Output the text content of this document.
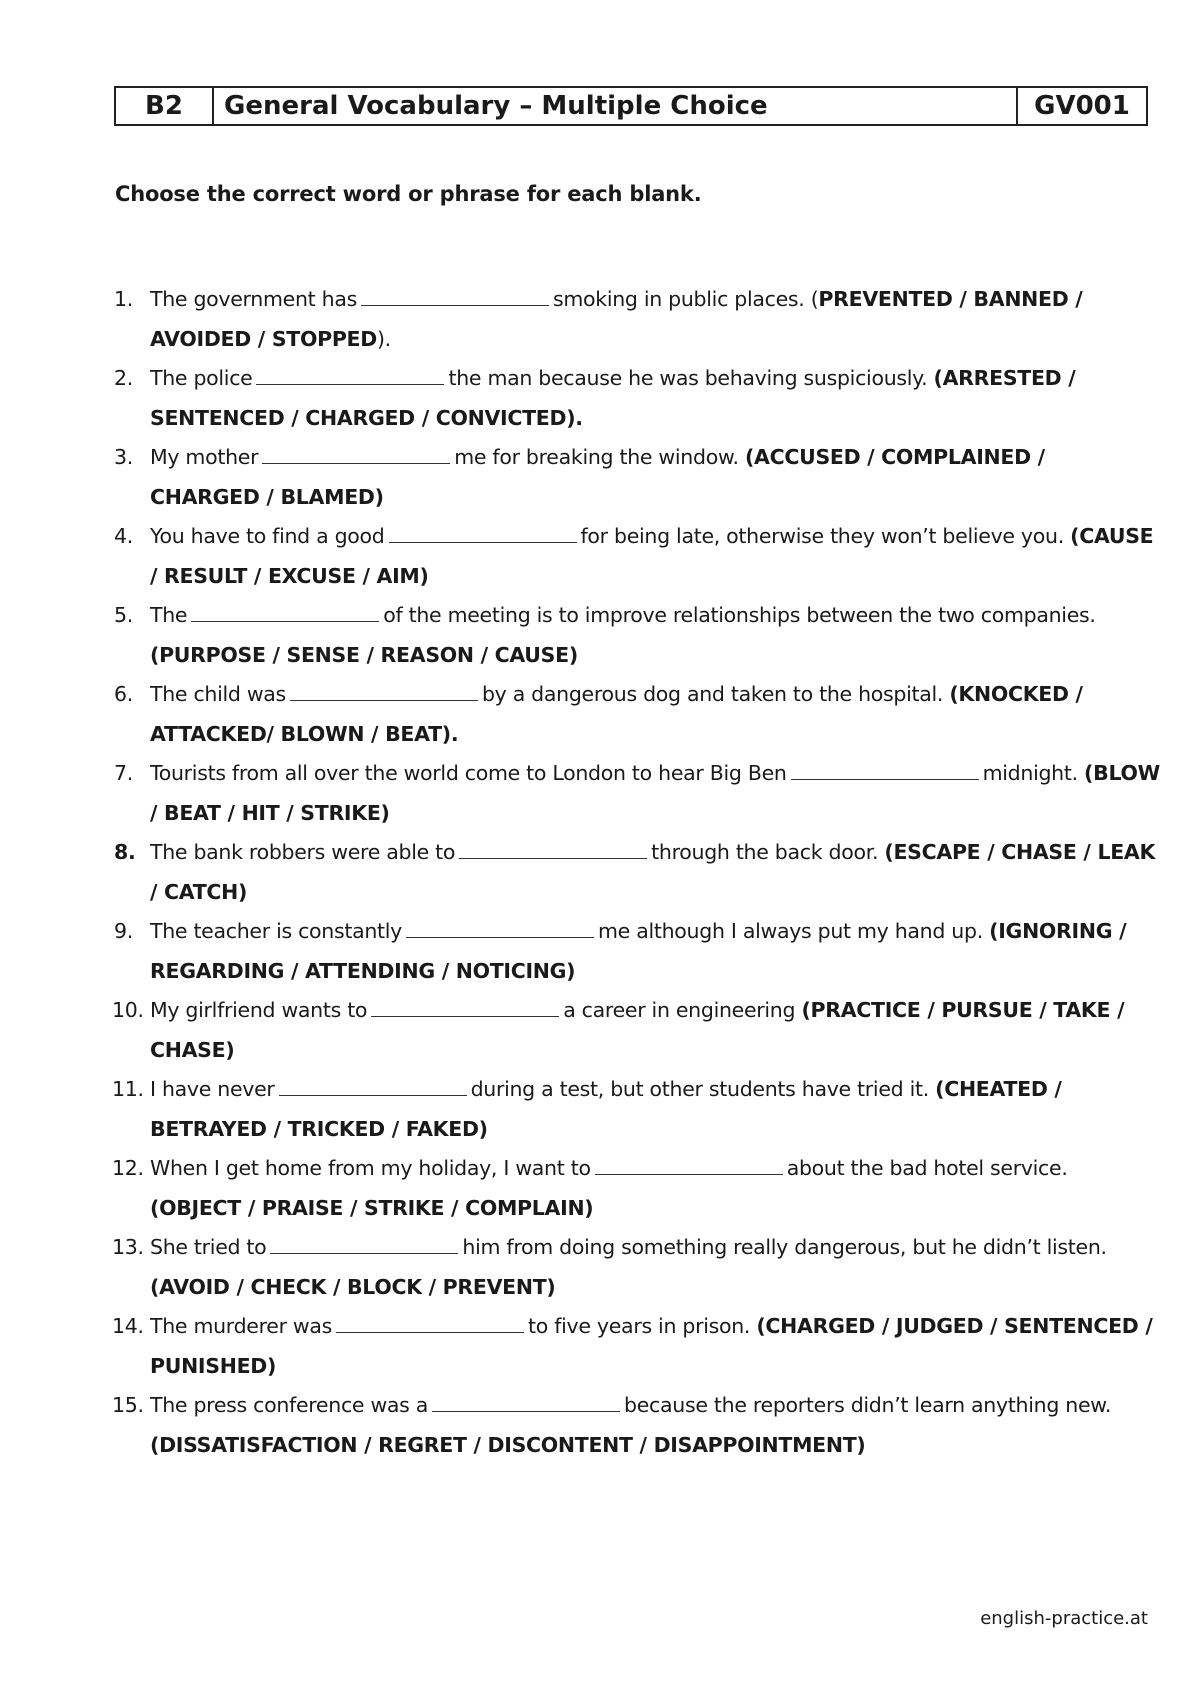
B2	General Vocabulary – Multiple Choice	GV001
Choose the correct word or phrase for each blank.
1. The government has	smoking in public places. (PREVENTED / BANNED / AVOIDED / STOPPED).
2. The police	the man because he was behaving suspiciously. (ARRESTED / SENTENCED / CHARGED / CONVICTED).
3. My mother	me for breaking the window. (ACCUSED / COMPLAINED / CHARGED / BLAMED)
4. You have to find a good	for being late, otherwise they won’t believe you. (CAUSE / RESULT / EXCUSE / AIM)
5. The	of the meeting is to improve relationships between the two companies. (PURPOSE / SENSE / REASON / CAUSE)
6. The child was	by a dangerous dog and taken to the hospital. (KNOCKED / ATTACKED/ BLOWN / BEAT).
7. Tourists from all over the world come to London to hear Big Ben	midnight. (BLOW / BEAT / HIT / STRIKE)
8. The bank robbers were able to	through the back door. (ESCAPE / CHASE / LEAK / CATCH)
9. The teacher is constantly	me although I always put my hand up. (IGNORING / REGARDING / ATTENDING / NOTICING)
10. My girlfriend wants to	a career in engineering (PRACTICE / PURSUE / TAKE / CHASE)
11. I have never	during a test, but other students have tried it. (CHEATED / BETRAYED / TRICKED / FAKED)
12. When I get home from my holiday, I want to	about the bad hotel service. (OBJECT / PRAISE / STRIKE / COMPLAIN)
13. She tried to	him from doing something really dangerous, but he didn’t listen. (AVOID / CHECK / BLOCK / PREVENT)
14. The murderer was	to five years in prison. (CHARGED / JUDGED / SENTENCED / PUNISHED)
15. The press conference was a	because the reporters didn’t learn anything new. (DISSATISFACTION / REGRET / DISCONTENT / DISAPPOINTMENT)
english-practice.at
